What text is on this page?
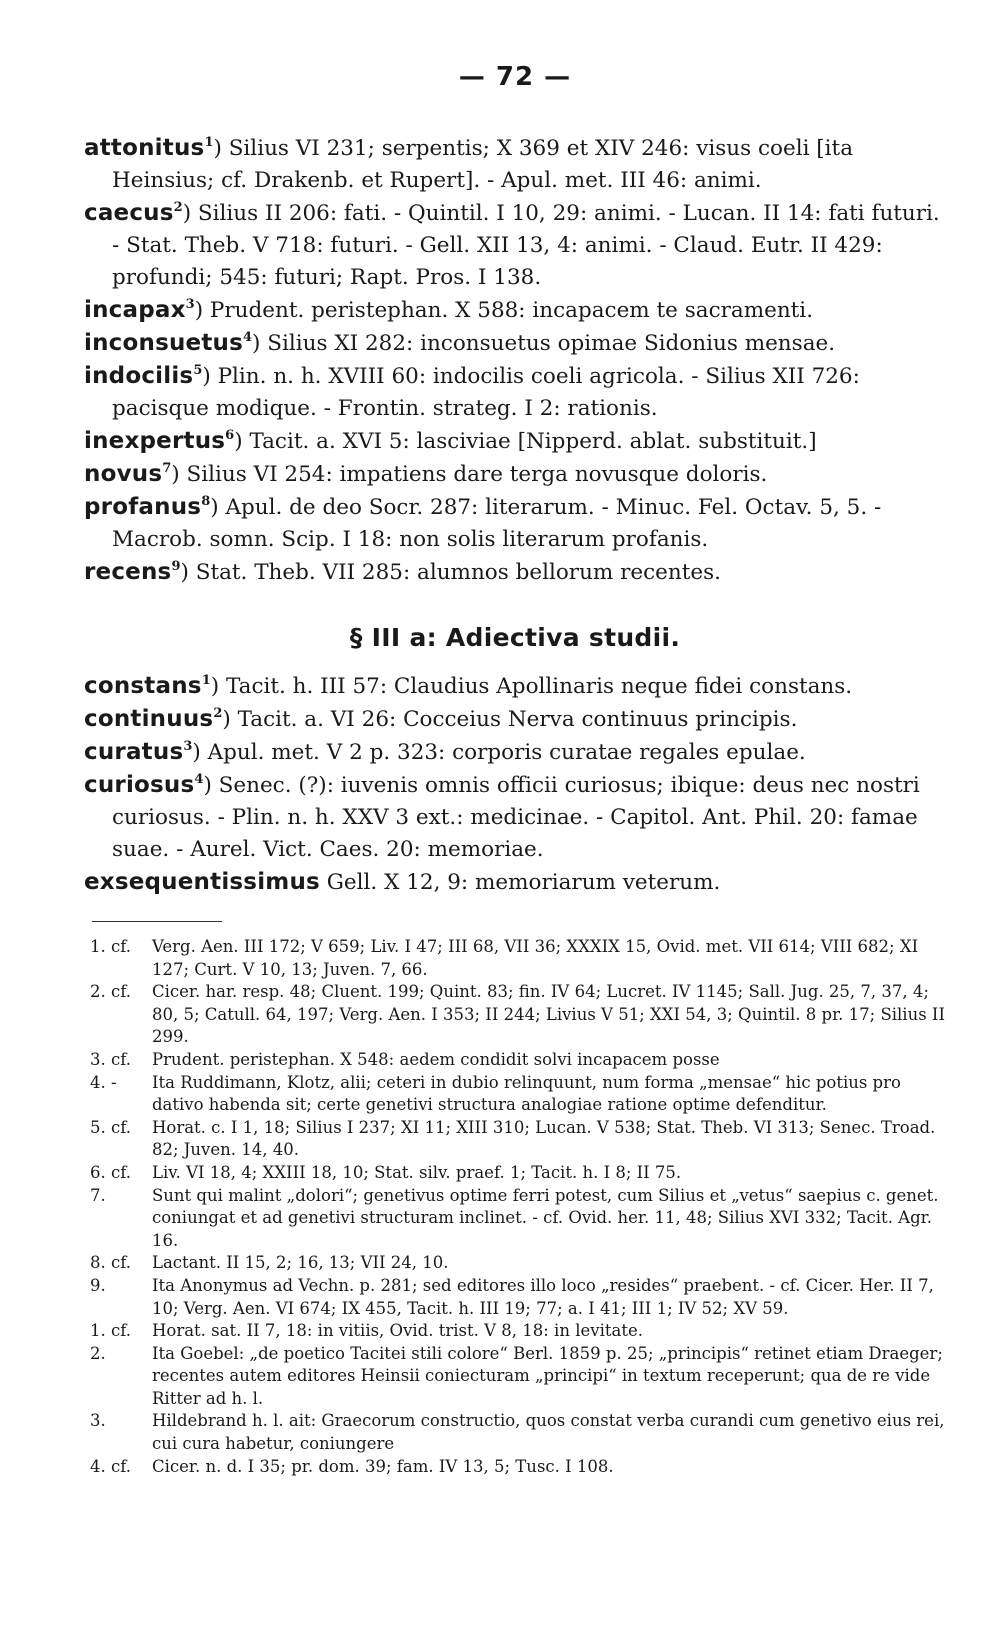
— 72 —

attonitus$^1$) Silius VI 231; serpentis; X 369 et XIV 246: visus coeli [ita Heinsius; cf. Drakenb. et Rupert]. - Apul. met. III 46: animi.

caecus$^2$) Silius II 206: fati. - Quintil. I 10, 29: animi. - Lucan. II 14: fati futuri. - Stat. Theb. V 718: futuri. - Gell. XII 13, 4: animi. - Claud. Eutr. II 429: profundi; 545: futuri; Rapt. Pros. I 138.

incapax$^3$) Prudent. peristephan. X 588: incapacem te sacramenti.

inconsuetus$^4$) Silius XI 282: inconsuetus opimae Sidonius mensae.

indocilis$^5$) Plin. n. h. XVIII 60: indocilis coeli agricola. - Silius XII 726: pacisque modique. - Frontin. strateg. I 2: rationis.

inexpertus$^6$) Tacit. a. XVI 5: lasciviae [Nipperd. ablat. substituit.]

novus$^7$) Silius VI 254: impatiens dare terga novusque doloris.

profanus$^8$) Apul. de deo Socr. 287: literarum. - Minuc. Fel. Octav. 5, 5. - Macrob. somn. Scip. I 18: non solis literarum profanis.

recens$^9$) Stat. Theb. VII 285: alumnos bellorum recentes.

§ III a: Adiectiva studii.

constans$^1$) Tacit. h. III 57: Claudius Apollinaris neque fidei constans.

continuus$^2$) Tacit. a. VI 26: Cocceius Nerva continuus principis.

curatus$^3$) Apul. met. V 2 p. 323: corporis curatae regales epulae.

curiosus$^4$) Senec. (?): iuvenis omnis officii curiosus; ibique: deus nec nostri curiosus. - Plin. n. h. XXV 3 ext.: medicinae. - Capitol. Ant. Phil. 20: famae suae. - Aurel. Vict. Caes. 20: memoriae.

exsequentissimus Gell. X 12, 9: memoriarum veterum.

1. cf.	Verg. Aen. III 172; V 659; Liv. I 47; III 68, VII 36; XXXIX 15, Ovid. met. VII 614; VIII 682; XI 127; Curt. V 10, 13; Juven. 7, 66.
2. cf.	Cicer. har. resp. 48; Cluent. 199; Quint. 83; fin. IV 64; Lucret. IV 1145; Sall. Jug. 25, 7, 37, 4; 80, 5; Catull. 64, 197; Verg. Aen. I 353; II 244; Livius V 51; XXI 54, 3; Quintil. 8 pr. 17; Silius II 299.
3. cf.	Prudent. peristephan. X 548: aedem condidit solvi incapacem posse
4. -	Ita Ruddimann, Klotz, alii; ceteri in dubio relinquunt, num forma „mensae“ hic potius pro dativo habenda sit; certe genetivi structura analogiae ratione optime defenditur.
5. cf.	Horat. c. I 1, 18; Silius I 237; XI 11; XIII 310; Lucan. V 538; Stat. Theb. VI 313; Senec. Troad. 82; Juven. 14, 40.
6. cf.	Liv. VI 18, 4; XXIII 18, 10; Stat. silv. praef. 1; Tacit. h. I 8; II 75.
7.	Sunt qui malint „dolori“; genetivus optime ferri potest, cum Silius et „vetus“ saepius c. genet. coniungat et ad genetivi structuram inclinet. - cf. Ovid. her. 11, 48; Silius XVI 332; Tacit. Agr. 16.
8. cf.	Lactant. II 15, 2; 16, 13; VII 24, 10.
9.	Ita Anonymus ad Vechn. p. 281; sed editores illo loco „resides“ praebent. - cf. Cicer. Her. II 7, 10; Verg. Aen. VI 674; IX 455, Tacit. h. III 19; 77; a. I 41; III 1; IV 52; XV 59.
1. cf.	Horat. sat. II 7, 18: in vitiis, Ovid. trist. V 8, 18: in levitate.
2.	Ita Goebel: „de poetico Tacitei stili colore“ Berl. 1859 p. 25; „principis“ retinet etiam Draeger; recentes autem editores Heinsii coniecturam „principi“ in textum receperunt; qua de re vide Ritter ad h. l.
3.	Hildebrand h. l. ait: Graecorum constructio, quos constat verba curandi cum genetivo eius rei, cui cura habetur, coniungere
4. cf.	Cicer. n. d. I 35; pr. dom. 39; fam. IV 13, 5; Tusc. I 108.
